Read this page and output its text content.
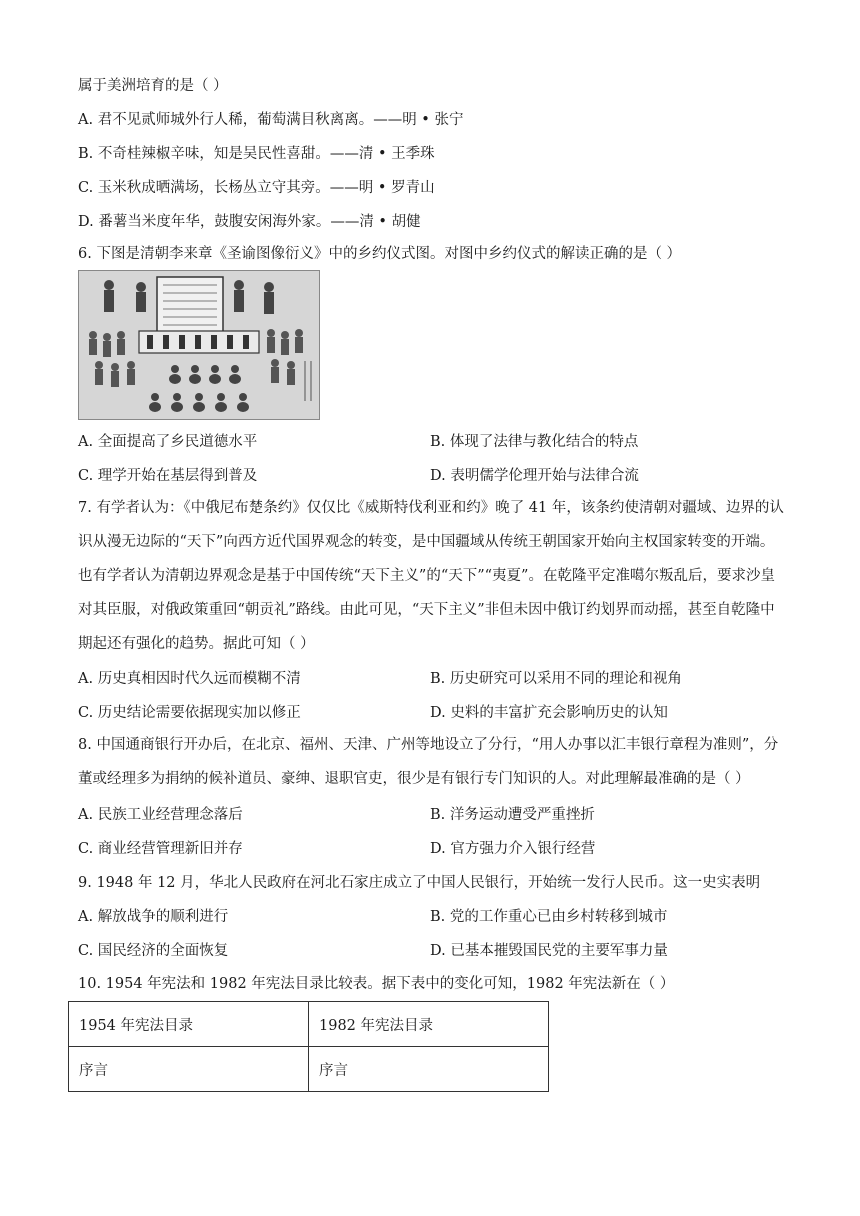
属于美洲培育的是（ ）
A. 君不见贰师城外行人稀，葡萄满目秋离离。——明 • 张宁
B. 不奇桂辣椒辛味，知是吴民性喜甜。——清 • 王季珠
C. 玉米秋成晒满场，长杨丛立守其旁。——明 • 罗青山
D. 番薯当米度年华，鼓腹安闲海外家。——清 • 胡健
6. 下图是清朝李来章《圣谕图像衍义》中的乡约仪式图。对图中乡约仪式的解读正确的是（ ）
A. 全面提高了乡民道德水平	B. 体现了法律与教化结合的特点
C. 理学开始在基层得到普及	D. 表明儒学伦理开始与法律合流
7. 有学者认为：《中俄尼布楚条约》仅仅比《威斯特伐利亚和约》晚了 41 年，该条约使清朝对疆域、边界的认识从漫无边际的“天下”向西方近代国界观念的转变，是中国疆域从传统王朝国家开始向主权国家转变的开端。也有学者认为清朝边界观念是基于中国传统“天下主义”的“天下”“夷夏”。在乾隆平定准噶尔叛乱后，要求沙皇对其臣服，对俄政策重回“朝贡礼”路线。由此可见，“天下主义”非但未因中俄订约划界而动摇，甚至自乾隆中期起还有强化的趋势。据此可知（ ）
A. 历史真相因时代久远而模糊不清	B. 历史研究可以采用不同的理论和视角
C. 历史结论需要依据现实加以修正	D. 史料的丰富扩充会影响历史的认知
8. 中国通商银行开办后，在北京、福州、天津、广州等地设立了分行，“用人办事以汇丰银行章程为准则”，分董或经理多为捐纳的候补道员、豪绅、退职官吏，很少是有银行专门知识的人。对此理解最准确的是（ ）
A. 民族工业经营理念落后	B. 洋务运动遭受严重挫折
C. 商业经营管理新旧并存	D. 官方强力介入银行经营
9. 1948 年 12 月，华北人民政府在河北石家庄成立了中国人民银行，开始统一发行人民币。这一史实表明
A. 解放战争的顺利进行	B. 党的工作重心已由乡村转移到城市
C. 国民经济的全面恢复	D. 已基本摧毁国民党的主要军事力量
10. 1954 年宪法和 1982 年宪法目录比较表。据下表中的变化可知，1982 年宪法新在（ ）
1954 年宪法目录	1982 年宪法目录
序言	序言
